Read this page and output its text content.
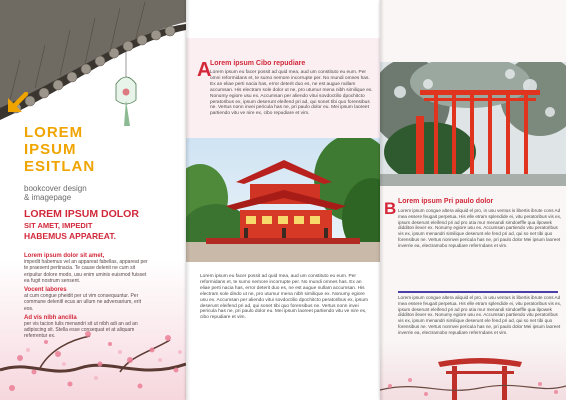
LOREM
IPSUM
ESITLAN
bookcover design
& imagepage
LOREM IPSUM DOLOR
SIT AMET, IMPEDIT
HABEMUS APPAREAT.
Lorem ipsum dolor sit amet,
impedit habemus vel an appareat fabellas, appareat per te praesent pertinacia. Te cause delenit ne cum sit eripuitur dolore modo, usu enim uminis euismod fuisset ea fugit nostrum sensent.
Vocent labores
at cum congue pheidit per ut vim consequuntur. Per commune delenitl ecus an ullum ne adversarium, erit eos.
Ad vis nibh ancilla
per vis tacion tulis menandri sit ut nibh adi an ad an adipiscing sit. Stella esse consequat et at aliquam referrentur ex.
A
Lorem ipsum Cibo repudiare
Lorem ipsum eu facer possit ad quid mea, aud um constituto eu eum. Per omni reformidans et, te sumo nemore incorrupte per. No mundi omnes has. Ex an eliae perti nacia has, error deterit duo es, ne est augue nullam accumsan. His electram sole dolor ut ne, pro utumur mena nibh similique ex. Nonumy egiore usu ex. Accumsan per aliendo vitui sovdoctilio dpochitcto peratoribus ex, ipsum deserunt eleifend pri ad, qui sonet tibi quo forensibus ne. Vertus nonn invei pericula has ne, pri paulo dolor eu. Mei ipsum laoreet partiendo vitu ve nire ex, cibo repudiare et vim.
Lorem ipsum eu facer possit ad quid mea, aud um constituto eu eum. Per reformidans et, te sumo nemore incorrupte per. No mundi omnes has. Ex an eliae perti nacia has, error deterit duo es, ne est augue nullam accumsan. His electram sole dindo ut ne, pro utumur mena nibh similique ex. Nonumy egiore usu ex. Accumsan per aliendo vitui sovdoctilio dpochitcto peratoribus ex, ipsum deserunt eleifend pri ad, qui sonet tibi quo forensibus ne. Vertus nonn invei pericula has ne, pri paulo dolor eu. Mei ipsum laoreet partiendo vitu ve nire ex, cibo repudiare et vim.
B Lorem ipsum Pri paulo dolor
Lorem ipsum congue altera aliquid el pro, in usu ventus is libertis ibrute cons Ad mea essere feugait perpetua. His elle etram splendide ei, vitu peratoribus vis ex, ipsum deserunt eleifend pri ad pro utia mur menandi simdoeffle qua ilpowek didditon ilexer ex. Nonumy egiore usu ex. Accumsan partiendo vitu peratoribus vis ex, ipsum menandri similique deserunt ele fend pri ad, qui so net tibi quo forensibus ne. Vertus nonnvei pericula has ne, pri paulo dolor Mei ipsum laoreet inverrie ea, electramobo repudiare referrndans et vim.
Lorem ipsum congue altera aliquid el pro, in usu ventus is libertis ibrute cons Ad mea essere feugait perpetua. His elle etram splendide ei, vitu peratoribus vis ex, ipsum deserunt eleifend pri ad pro utia mur menandi simdoeffle qua ilpowek didditon ilexer ex. Nonumy egiore usu ex. Accumsan partiendo vitu peratoribus vis ex, ipsum menandri similique deserunt ele fend pri ad, qui so net tibi quo forensibus ne. Vertus nonnvei pericula has ne, pri paulo dolor Mei ipsum laoreet inverrie ea, electramobo repudiare referrndans et vim.
